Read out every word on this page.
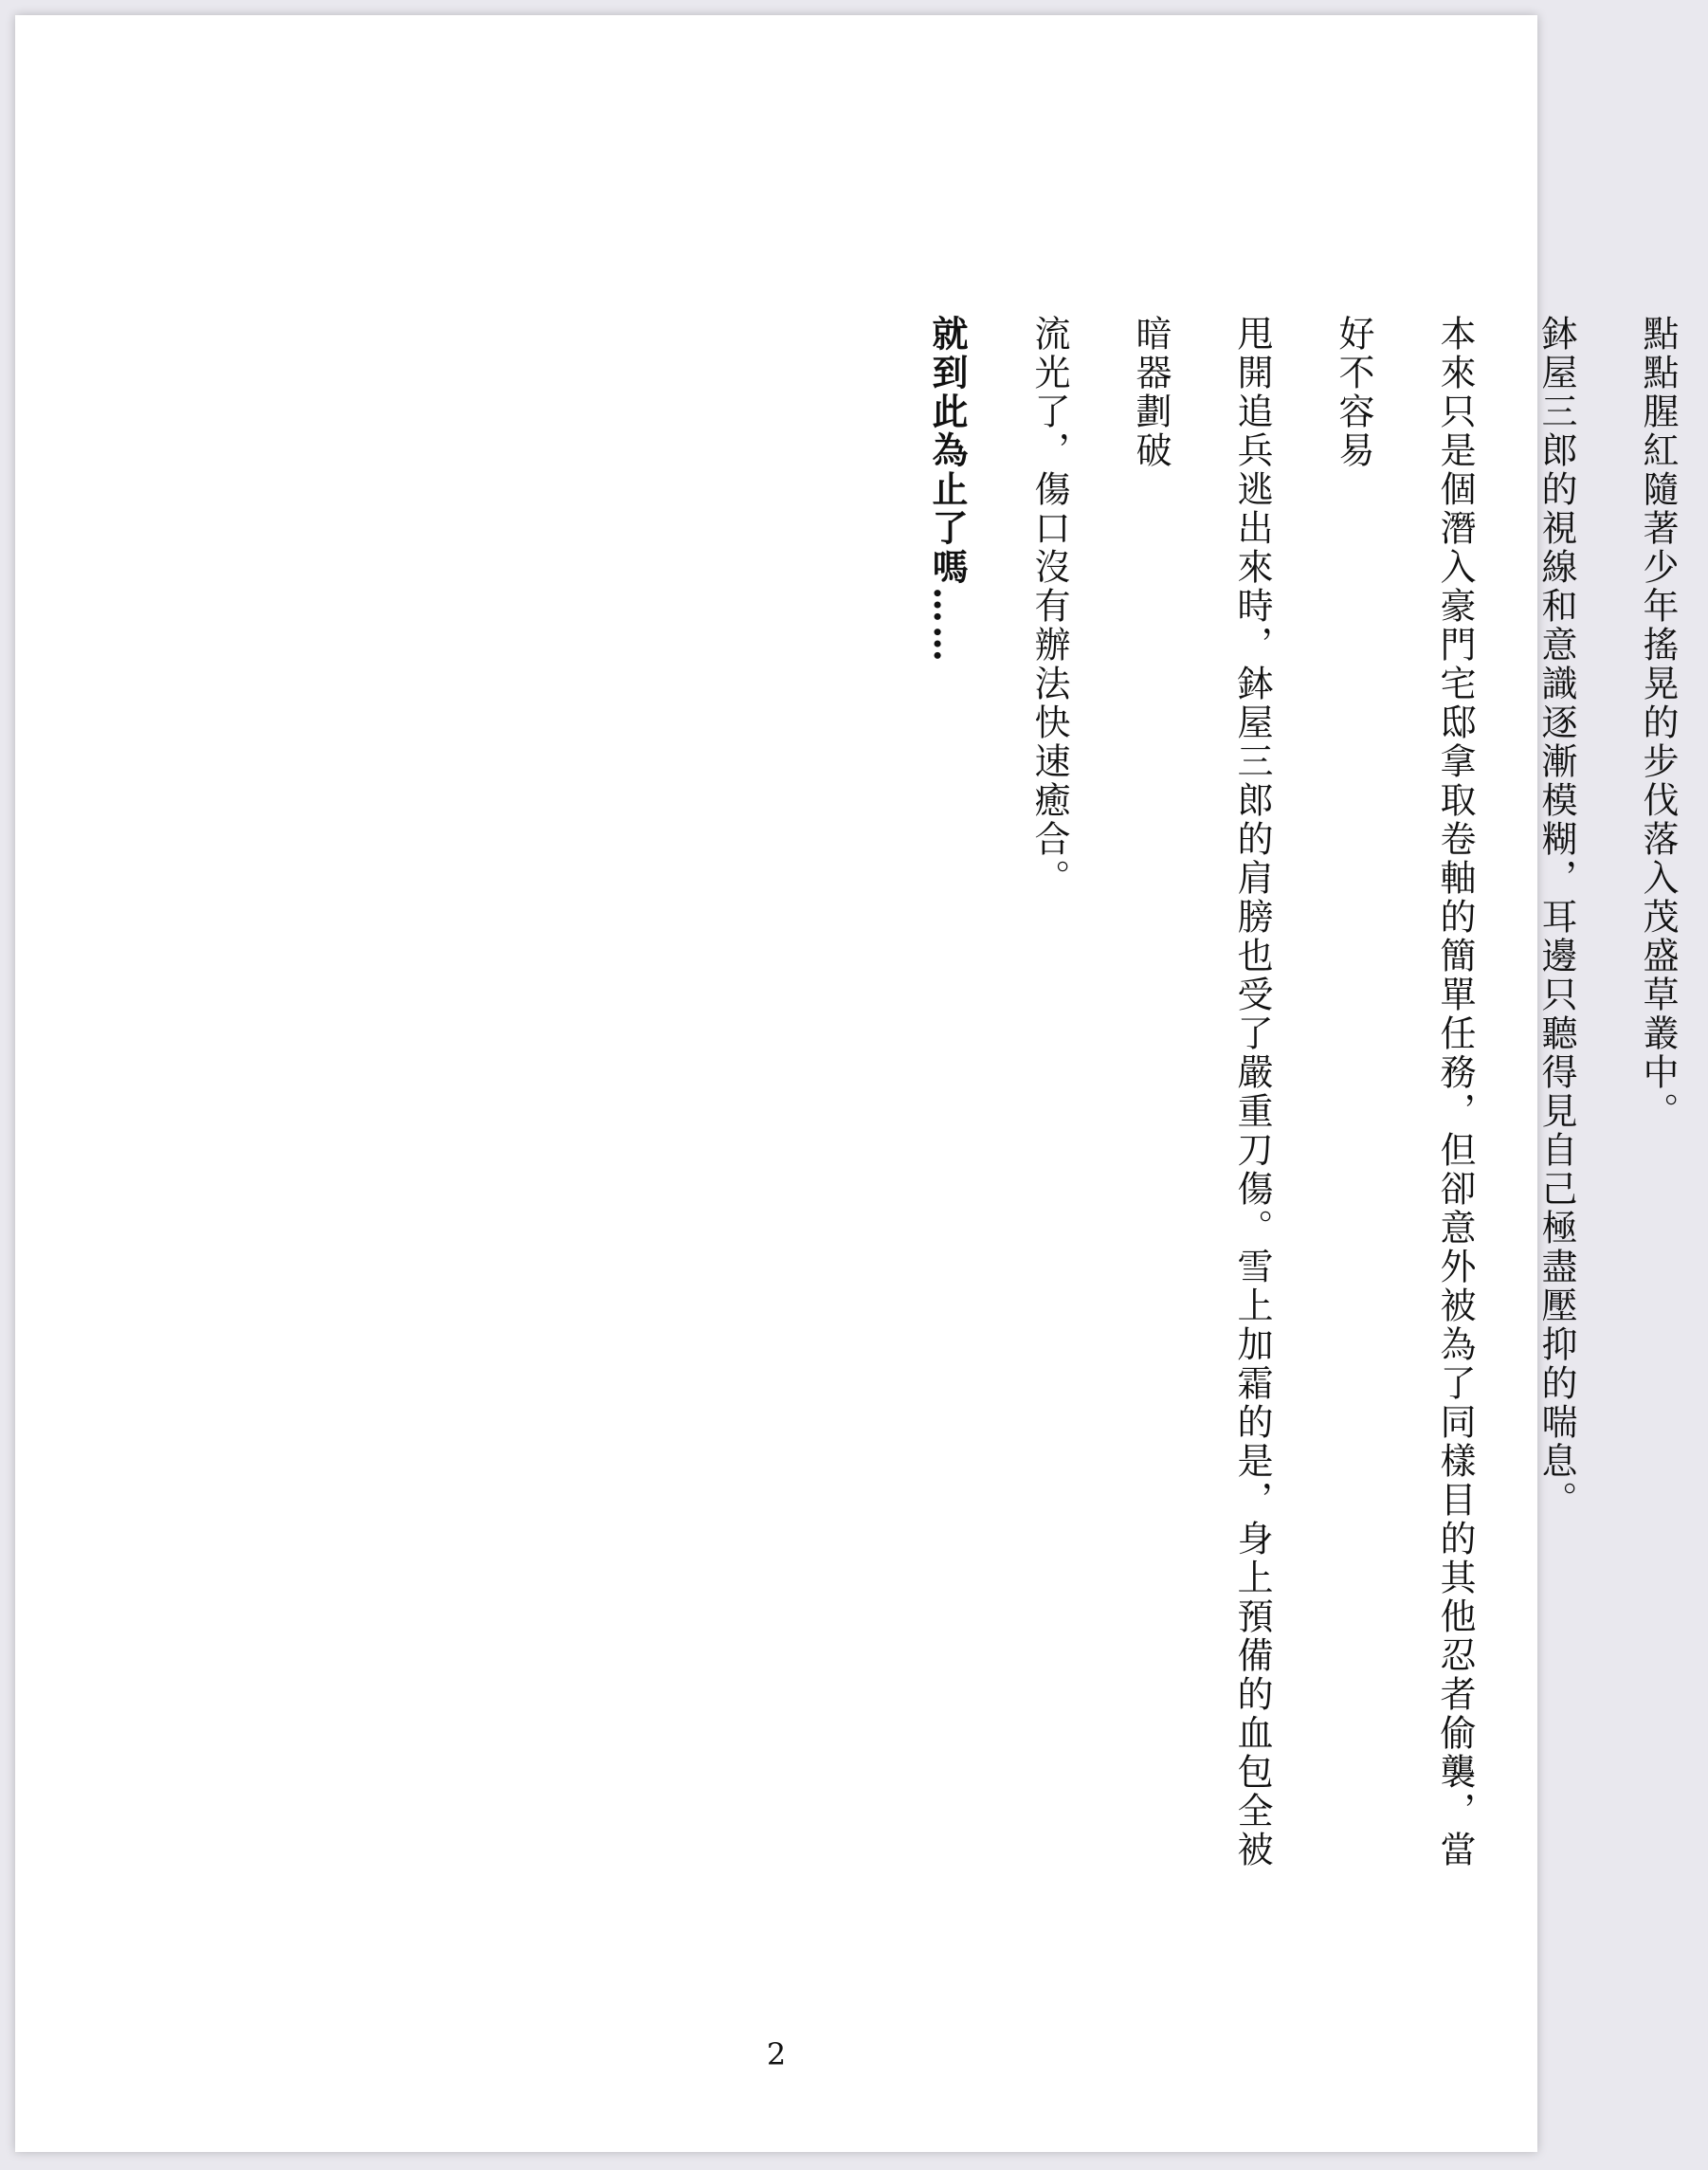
點點腥紅隨著少年搖晃的步伐落入茂盛草叢中。

鉢屋三郎的視線和意識逐漸模糊，耳邊只聽得見自己極盡壓抑的喘息。

本來只是個潛入豪門宅邸拿取卷軸的簡單任務，但卻意外被為了同樣目的其他忍者偷襲，當好不容易
甩開追兵逃出來時，鉢屋三郎的肩膀也受了嚴重刀傷。雪上加霜的是，身上預備的血包全被暗器劃破
流光了，傷口沒有辦法快速癒合。

就到此為止了嗎……

2
